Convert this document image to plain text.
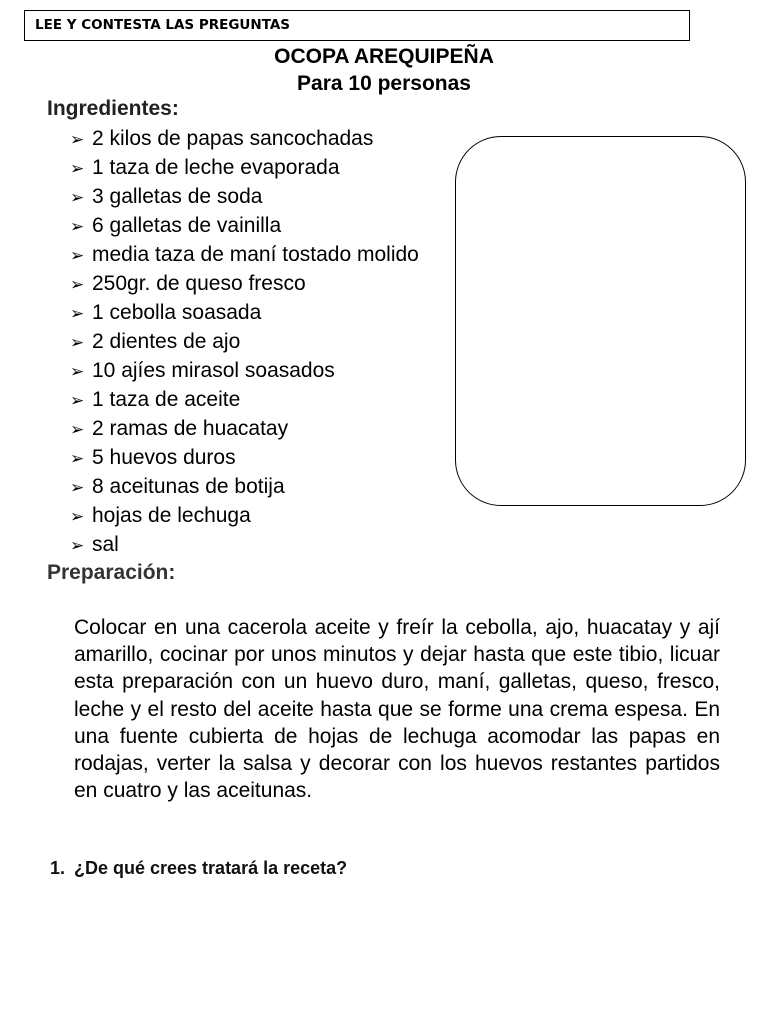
LEE Y CONTESTA LAS PREGUNTAS
OCOPA AREQUIPEÑA
Para 10 personas
Ingredientes:
➢ 2 kilos de papas sancochadas
➢ 1 taza de leche evaporada
➢ 3 galletas de soda
➢ 6 galletas de vainilla
➢ media taza de maní tostado molido
➢ 250gr. de queso fresco
➢ 1 cebolla soasada
➢ 2 dientes de ajo
➢ 10 ajíes mirasol soasados
➢ 1 taza de aceite
➢ 2 ramas de huacatay
➢ 5 huevos duros
➢ 8 aceitunas de botija
➢ hojas de lechuga
➢ sal
Preparación:

Colocar en una cacerola aceite y freír la cebolla, ajo, huacatay y ají amarillo, cocinar por unos minutos y dejar hasta que este tibio, licuar esta preparación con un huevo duro, maní, galletas, queso, fresco, leche y el resto del aceite hasta que se forme una crema espesa. En una fuente cubierta de hojas de lechuga acomodar las papas en rodajas, verter la salsa y decorar con los huevos restantes partidos en cuatro y las aceitunas.

1. ¿De qué crees tratará la receta?
